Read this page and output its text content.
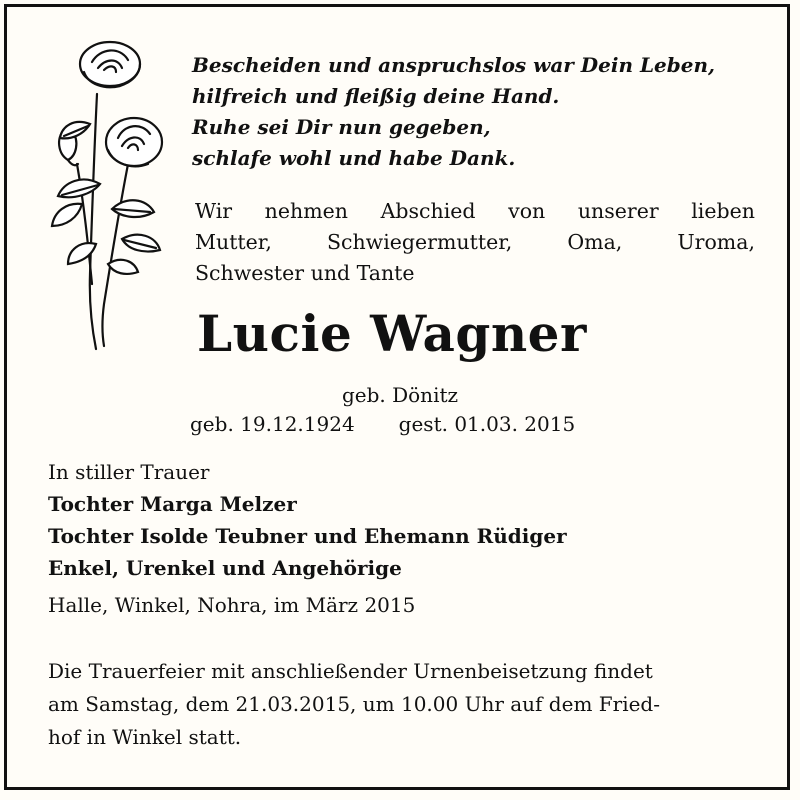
Bescheiden und anspruchslos war Dein Leben,
hilfreich und fleißig deine Hand.
Ruhe sei Dir nun gegeben,
schlafe wohl und habe Dank.
Wir nehmen Abschied von unserer lieben
Mutter,	Schwiegermutter,	Oma,	Uroma,
Schwester und Tante
Lucie Wagner
geb. Dönitz
geb. 19.12.1924 gest. 01.03. 2015
In stiller Trauer
Tochter Marga Melzer
Tochter Isolde Teubner und Ehemann Rüdiger
Enkel, Urenkel und Angehörige
Halle, Winkel, Nohra, im März 2015
Die Trauerfeier mit anschließender Urnenbeisetzung findet
am Samstag, dem 21.03.2015, um 10.00 Uhr auf dem Fried-
hof in Winkel statt.
